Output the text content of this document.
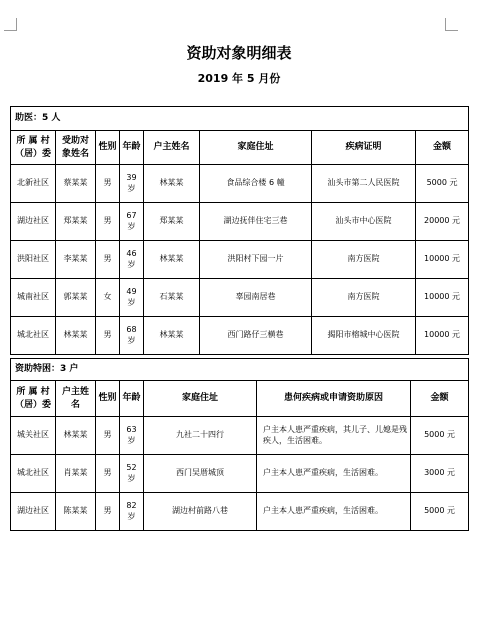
资助对象明细表
2019 年 5 月份
助医：5 人							
所 属 村（居）委	受助对象姓名	性别	年龄	户主姓名	家庭住址	疾病证明	金额
北新社区	蔡某某	男	39 岁	林某某	食品综合楼 6 幢	汕头市第二人民医院	5000 元
湖边社区	郑某某	男	67 岁	郑某某	湖边抚伴住宅三巷	汕头市中心医院	20000 元
洪阳社区	李某某	男	46 岁	林某某	洪阳村下园一片	南方医院	10000 元
城南社区	郭某某	女	49 岁	石某某	辜园南居巷	南方医院	10000 元
城北社区	林某某	男	68 岁	林某某	西门路仔三横巷	揭阳市榕城中心医院	10000 元
资助特困：3 户						
所 属 村（居）委	户主姓名	性别	年龄	家庭住址	患何疾病或申请资助原因	金额
城关社区	林某某	男	63 岁	九社二十四行	户主本人患严重疾病，其儿子、儿媳是残疾人，生活困难。	5000 元
城北社区	肖某某	男	52 岁	西门吴厝城顶	户主本人患严重疾病，生活困难。	3000 元
湖边社区	陈某某	男	82 岁	湖边村前路八巷	户主本人患严重疾病，生活困难。	5000 元
